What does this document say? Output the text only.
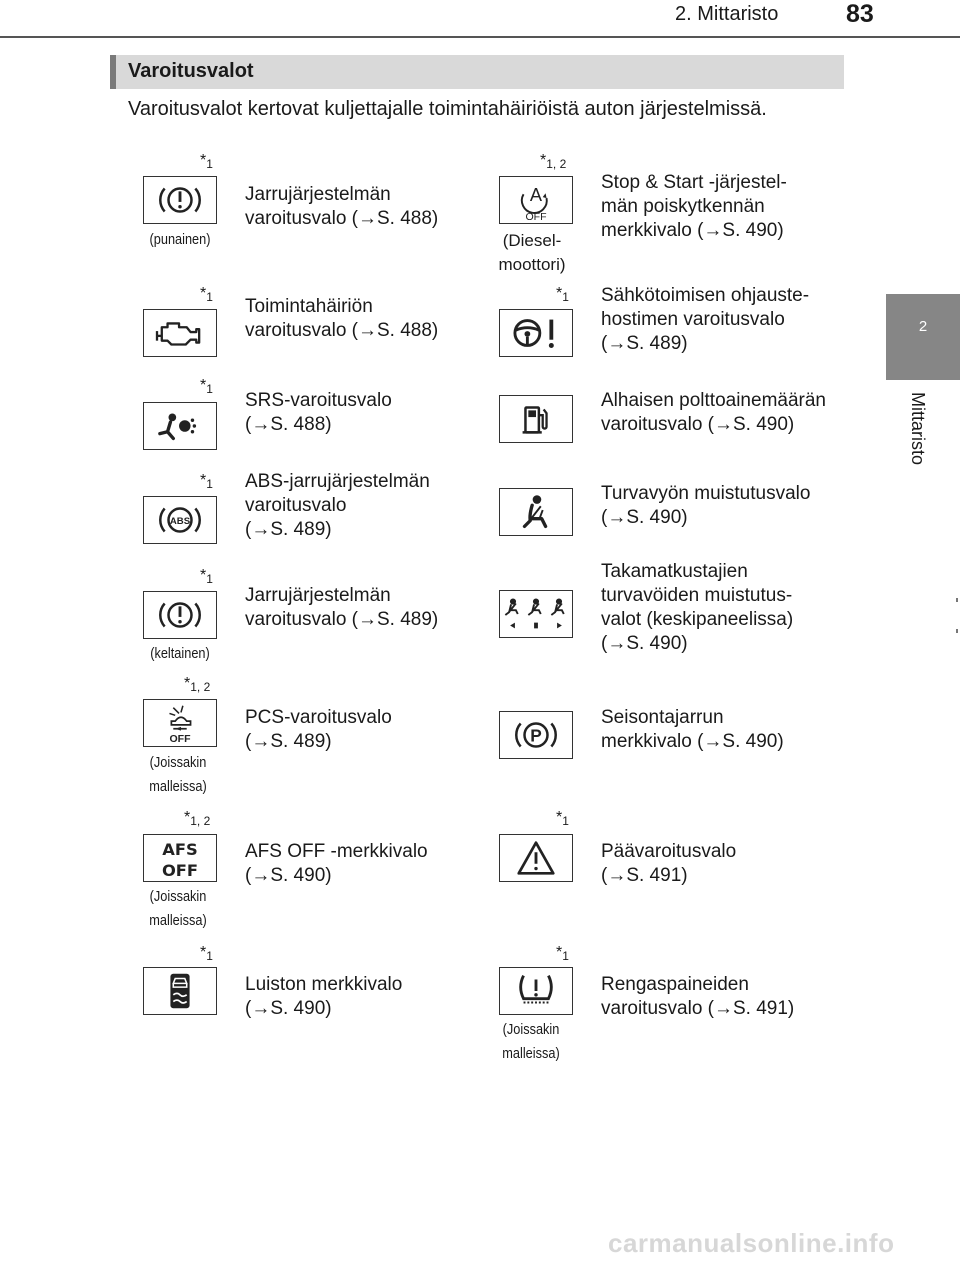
2. Mittaristo	83
2
Mittaristo
Varoitusvalot
Varoitusvalot kertovat kuljettajalle toimintahäiriöistä auton järjestelmissä.
$*_1$
(punainen)
Jarrujärjestelmän
varoitusvalo (→S. 488)
$*_{1, 2}$
A
OFF
(Diesel-
moottori)
Stop & Start -järjestel-
män poiskytkennän
merkkivalo (→S. 490)
$*_1$ Toimintahäiriön
varoitusvalo (→S. 488)
$*_1$ Sähkötoimisen ohjauste-
hostimen varoitusvalo
(→S. 489)
$*_1$
SRS-varoitusvalo
(→S. 488)
Alhaisen polttoainemäärän
varoitusvalo (→S. 490)
$*_1$
ABS
ABS-jarrujärjestelmän
varoitusvalo
(→S. 489)
Turvavyön muistutusvalo
(→S. 490)
$*_1$
(keltainen)
Jarrujärjestelmän
varoitusvalo (→S. 489)
Takamatkustajien
turvavöiden muistutus-
valot (keskipaneelissa)
(→S. 490)
$*_{1, 2}$
OFF
(Joissakin
malleissa)
PCS-varoitusvalo
(→S. 489)	P
Seisontajarrun
merkkivalo (→S. 490)
$*_{1, 2}$
AFS
OFF
(Joissakin
malleissa)
AFS OFF -merkkivalo
(→S. 490)
$*_1$
Päävaroitusvalo
(→S. 491)
$*_1$
Luiston merkkivalo
(→S. 490)
$*_1$
(Joissakin
malleissa)
Rengaspaineiden
varoitusvalo (→S. 491)
carmanualsonline.info
